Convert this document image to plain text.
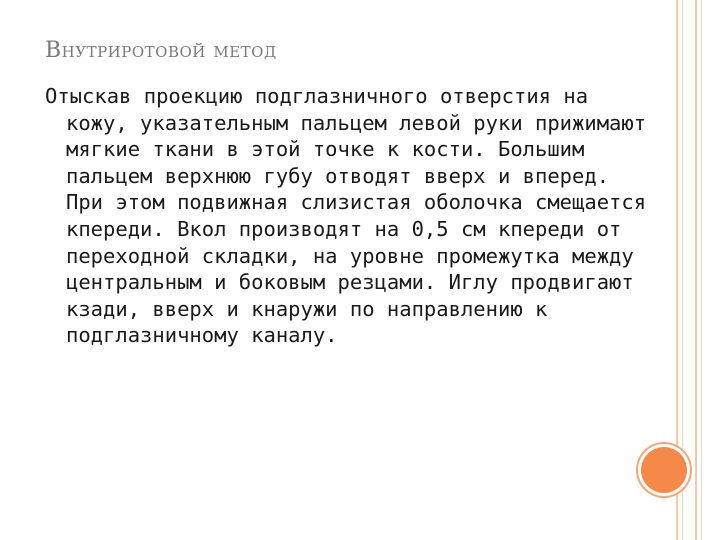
Внутриротовой метод

Отыскав проекцию подглазничного отверстия на кожу, указательным пальцем левой руки прижимают мягкие ткани в этой точке к кости. Большим пальцем верхнюю губу отводят вверх и вперед. При этом подвижная слизистая оболочка смещается кпереди. Вкол производят на 0,5 см кпереди от переходной складки, на уровне промежутка между центральным и боковым резцами. Иглу продвигают кзади, вверх и кнаружи по направлению к подглазничному каналу.
